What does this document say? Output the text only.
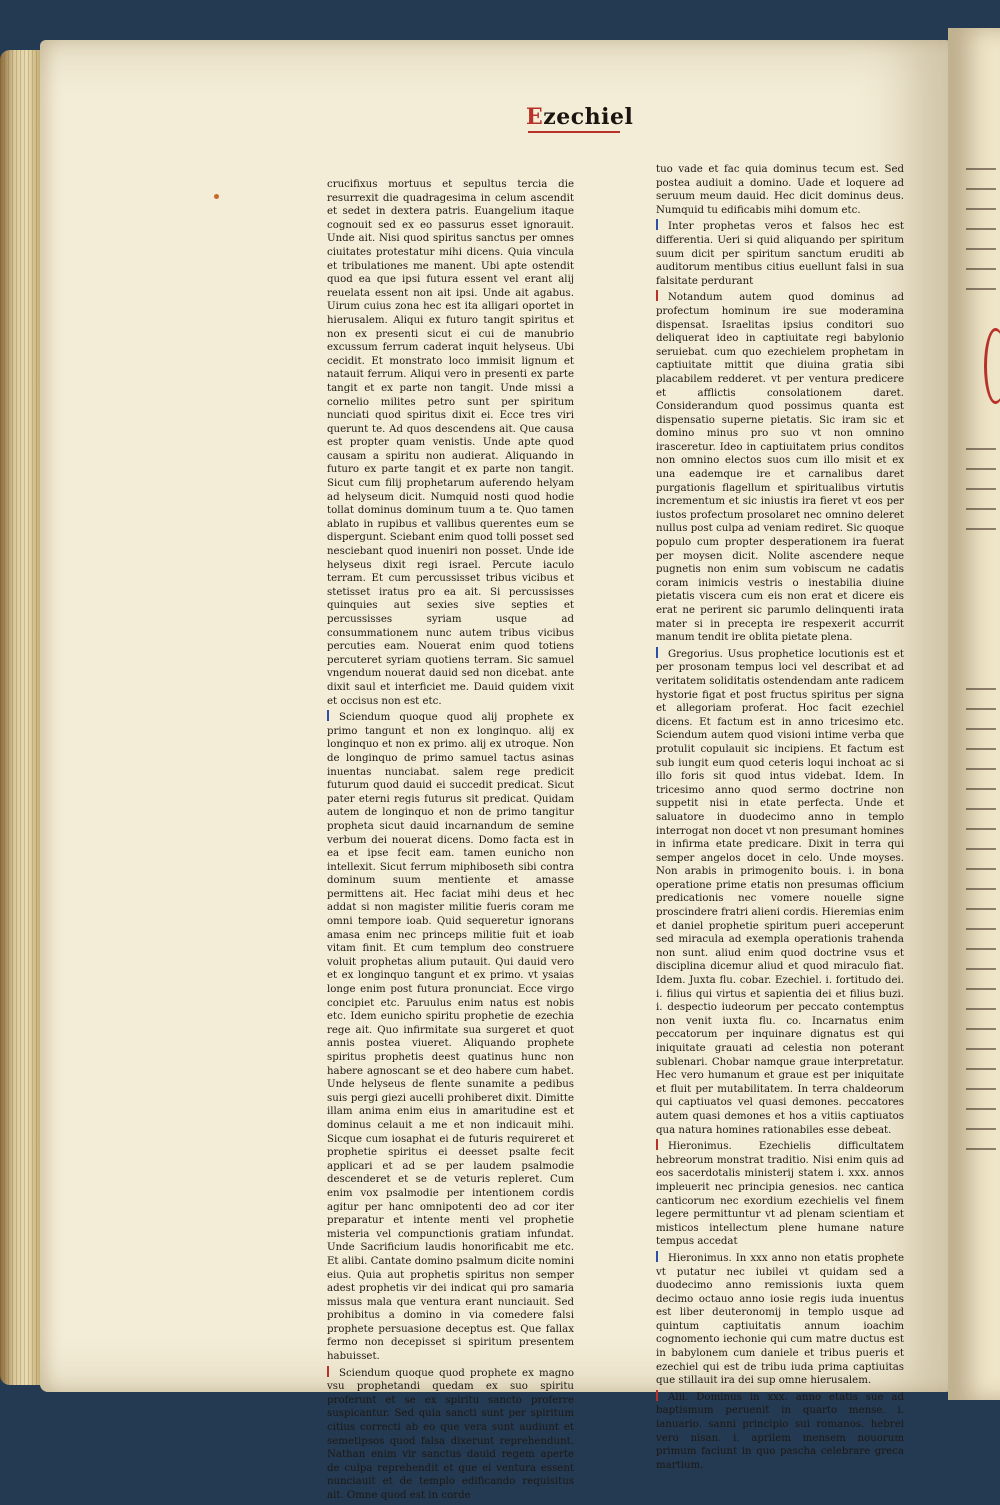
Ezechiel

crucifixus mortuus et sepultus tercia die resurrexit die quadragesima in celum ascendit et sedet in dextera patris. Euangelium itaque cognouit sed ex eo passurus esset ignorauit. Unde ait. Nisi quod spiritus sanctus per omnes ciuitates protestatur mihi dicens. Quia vincula et tribulationes me manent. Ubi apte ostendit quod ea que ipsi futura essent vel erant alij reuelata essent non ait ipsi. Unde ait agabus. Uirum cuius zona hec est ita alligari oportet in hierusalem. Aliqui ex futuro tangit spiritus et non ex presenti sicut ei cui de manubrio excussum ferrum caderat inquit helyseus. Ubi cecidit. Et monstrato loco immisit lignum et natauit ferrum. Aliqui vero in presenti ex parte tangit et ex parte non tangit. Unde missi a cornelio milites petro sunt per spiritum nunciati quod spiritus dixit ei. Ecce tres viri querunt te. Ad quos descendens ait. Que causa est propter quam venistis. Unde apte quod causam a spiritu non audierat. Aliquando in futuro ex parte tangit et ex parte non tangit. Sicut cum filij prophetarum auferendo helyam ad helyseum dicit. Numquid nosti quod hodie tollat dominus dominum tuum a te. Quo tamen ablato in rupibus et vallibus querentes eum se dispergunt. Sciebant enim quod tolli posset sed nesciebant quod inueniri non posset. Unde ide helyseus dixit regi israel. Percute iaculo terram. Et cum percussisset tribus vicibus et stetisset iratus pro ea ait. Si percussisses quinquies aut sexies sive septies et percussisses syriam usque ad consummationem nunc autem tribus vicibus percuties eam. Nouerat enim quod totiens percuteret syriam quotiens terram. Sic samuel vngendum nouerat dauid sed non dicebat. ante dixit saul et interficiet me. Dauid quidem vixit et occisus non est etc.

Sciendum quoque quod alij prophete ex primo tangunt et non ex longinquo. alij ex longinquo et non ex primo. alij ex utroque. Non de longinquo de primo samuel tactus asinas inuentas nunciabat. salem rege predicit futurum quod dauid ei succedit predicat. Sicut pater eterni regis futurus sit predicat. Quidam autem de longinquo et non de primo tangitur propheta sicut dauid incarnandum de semine verbum dei nouerat dicens. Domo facta est in ea et ipse fecit eam. tamen eunicho non intellexit. Sicut ferrum miphiboseth sibi contra dominum suum mentiente et amasse permittens ait. Hec faciat mihi deus et hec addat si non magister militie fueris coram me omni tempore ioab. Quid sequeretur ignorans amasa enim nec princeps militie fuit et ioab vitam finit. Et cum templum deo construere voluit prophetas alium putauit. Qui dauid vero et ex longinquo tangunt et ex primo. vt ysaias longe enim post futura pronunciat. Ecce virgo concipiet etc. Paruulus enim natus est nobis etc. Idem eunicho spiritu prophetie de ezechia rege ait. Quo infirmitate sua surgeret et quot annis postea viueret. Aliquando prophete spiritus prophetis deest quatinus hunc non habere agnoscant se et deo habere cum habet. Unde helyseus de flente sunamite a pedibus suis pergi giezi aucelli prohiberet dixit. Dimitte illam anima enim eius in amaritudine est et dominus celauit a me et non indicauit mihi. Sicque cum iosaphat ei de futuris requireret et prophetie spiritus ei deesset psalte fecit applicari et ad se per laudem psalmodie descenderet et se de veturis repleret. Cum enim vox psalmodie per intentionem cordis agitur per hanc omnipotenti deo ad cor iter preparatur et intente menti vel prophetie misteria vel compunctionis gratiam infundat. Unde Sacrificium laudis honorificabit me etc. Et alibi. Cantate domino psalmum dicite nomini eius. Quia aut prophetis spiritus non semper adest prophetis vir dei indicat qui pro samaria missus mala que ventura erant nunciauit. Sed prohibitus a domino in via comedere falsi prophete persuasione deceptus est. Que fallax fermo non decepisset si spiritum presentem habuisset.

Sciendum quoque quod prophete ex magno vsu prophetandi quedam ex suo spiritu proferunt et se ex spiritu sancto proferre suspicantur. Sed quia sancti sunt per spiritum citius correcti ab eo que vera sunt audiunt et semetipsos quod falsa dixerunt reprehendunt. Nathan enim vir sanctus dauid regem aperte de culpa reprehendit et que ei ventura essent nunciauit et de templo edificando requisitus ait. Omne quod est in corde

tuo vade et fac quia dominus tecum est. Sed postea audiuit a domino. Uade et loquere ad seruum meum dauid. Hec dicit dominus deus. Numquid tu edificabis mihi domum etc.

Inter prophetas veros et falsos hec est differentia. Ueri si quid aliquando per spiritum suum dicit per spiritum sanctum eruditi ab auditorum mentibus citius euellunt falsi in sua falsitate perdurant

Notandum autem quod dominus ad profectum hominum ire sue moderamina dispensat. Israelitas ipsius conditori suo deliquerat ideo in captiuitate regi babylonio seruiebat. cum quo ezechielem prophetam in captiuitate mittit que diuina gratia sibi placabilem redderet. vt per ventura predicere et afflictis consolationem daret. Considerandum quod possimus quanta est dispensatio superne pietatis. Sic iram sic et domino minus pro suo vt non omnino irasceretur. Ideo in captiuitatem prius conditos non omnino electos suos cum illo misit et ex una eademque ire et carnalibus daret purgationis flagellum et spiritualibus virtutis incrementum et sic iniustis ira fieret vt eos per iustos profectum prosolaret nec omnino deleret nullus post culpa ad veniam rediret. Sic quoque populo cum propter desperationem ira fuerat per moysen dicit. Nolite ascendere neque pugnetis non enim sum vobiscum ne cadatis coram inimicis vestris o inestabilia diuine pietatis viscera cum eis non erat et dicere eis erat ne perirent sic parumlo delinquenti irata mater si in precepta ire respexerit accurrit manum tendit ire oblita pietate plena.

Gregorius. Usus prophetice locutionis est et per prosonam tempus loci vel describat et ad veritatem soliditatis ostendendam ante radicem hystorie figat et post fructus spiritus per signa et allegoriam proferat. Hoc facit ezechiel dicens. Et factum est in anno tricesimo etc. Sciendum autem quod visioni intime verba que protulit copulauit sic incipiens. Et factum est sub iungit eum quod ceteris loqui inchoat ac si illo foris sit quod intus videbat. Idem. In tricesimo anno quod sermo doctrine non suppetit nisi in etate perfecta. Unde et saluatore in duodecimo anno in templo interrogat non docet vt non presumant homines in infirma etate predicare. Dixit in terra qui semper angelos docet in celo. Unde moyses. Non arabis in primogenito bouis. i. in bona operatione prime etatis non presumas officium predicationis nec vomere nouelle signe proscindere fratri alieni cordis. Hieremias enim et daniel prophetie spiritum pueri acceperunt sed miracula ad exempla operationis trahenda non sunt. aliud enim quod doctrine vsus et disciplina dicemur aliud et quod miraculo fiat. Idem. Juxta flu. cobar. Ezechiel. i. fortitudo dei. i. filius qui virtus et sapientia dei et filius buzi. i. despectio iudeorum per peccato contemptus non venit iuxta flu. co. Incarnatus enim peccatorum per inquinare dignatus est qui iniquitate grauati ad celestia non poterant sublenari. Chobar namque graue interpretatur. Hec vero humanum et graue est per iniquitate et fluit per mutabilitatem. In terra chaldeorum qui captiuatos vel quasi demones. peccatores autem quasi demones et hos a vitiis captiuatos qua natura homines rationabiles esse debeat.

Hieronimus. Ezechielis difficultatem hebreorum monstrat traditio. Nisi enim quis ad eos sacerdotalis ministerij statem i. xxx. annos impleuerit nec principia genesios. nec cantica canticorum nec exordium ezechielis vel finem legere permittuntur vt ad plenam scientiam et misticos intellectum plene humane nature tempus accedat

Hieronimus. In xxx anno non etatis prophete vt putatur nec iubilei vt quidam sed a duodecimo anno remissionis iuxta quem decimo octauo anno iosie regis iuda inuentus est liber deuteronomij in templo usque ad quintum captiuitatis annum ioachim cognomento iechonie qui cum matre ductus est in babylonem cum daniele et tribus pueris et ezechiel qui est de tribu iuda prima captiuitas que stillauit ira dei sup omne hierusalem.

Alii. Dominus in xxx. anno etatis sue ad baptismum peruenit in quarto mense. i. ianuario. sanni principio sui romanos. hebrei vero nisan. i. aprilem mensem nouorum primum faciunt in quo pascha celebrare greca martium.
